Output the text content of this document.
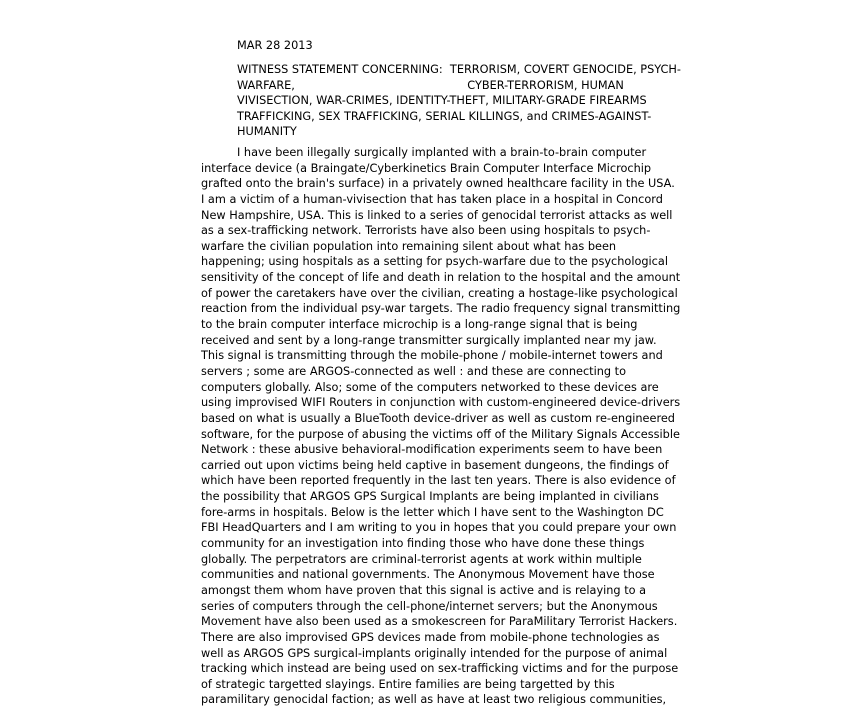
MAR 28 2013
WITNESS STATEMENT CONCERNING:  TERRORISM, COVERT GENOCIDE, PSYCH-
WARFARE,                                                CYBER-TERRORISM, HUMAN
VIVISECTION, WAR-CRIMES, IDENTITY-THEFT, MILITARY-GRADE FIREARMS
TRAFFICKING, SEX TRAFFICKING, SERIAL KILLINGS, and CRIMES-AGAINST-
HUMANITY
I have been illegally surgically implanted with a brain-to-brain computer
interface device (a Braingate/Cyberkinetics Brain Computer Interface Microchip
grafted onto the brain's surface) in a privately owned healthcare facility in the USA.
I am a victim of a human-vivisection that has taken place in a hospital in Concord
New Hampshire, USA. This is linked to a series of genocidal terrorist attacks as well
as a sex-trafficking network. Terrorists have also been using hospitals to psych-
warfare the civilian population into remaining silent about what has been
happening; using hospitals as a setting for psych-warfare due to the psychological
sensitivity of the concept of life and death in relation to the hospital and the amount
of power the caretakers have over the civilian, creating a hostage-like psychological
reaction from the individual psy-war targets. The radio frequency signal transmitting
to the brain computer interface microchip is a long-range signal that is being
received and sent by a long-range transmitter surgically implanted near my jaw.
This signal is transmitting through the mobile-phone / mobile-internet towers and
servers ; some are ARGOS-connected as well : and these are connecting to
computers globally. Also; some of the computers networked to these devices are
using improvised WIFI Routers in conjunction with custom-engineered device-drivers
based on what is usually a BlueTooth device-driver as well as custom re-engineered
software, for the purpose of abusing the victims off of the Military Signals Accessible
Network : these abusive behavioral-modification experiments seem to have been
carried out upon victims being held captive in basement dungeons, the findings of
which have been reported frequently in the last ten years. There is also evidence of
the possibility that ARGOS GPS Surgical Implants are being implanted in civilians
fore-arms in hospitals. Below is the letter which I have sent to the Washington DC
FBI HeadQuarters and I am writing to you in hopes that you could prepare your own
community for an investigation into finding those who have done these things
globally. The perpetrators are criminal-terrorist agents at work within multiple
communities and national governments. The Anonymous Movement have those
amongst them whom have proven that this signal is active and is relaying to a
series of computers through the cell-phone/internet servers; but the Anonymous
Movement have also been used as a smokescreen for ParaMilitary Terrorist Hackers.
There are also improvised GPS devices made from mobile-phone technologies as
well as ARGOS GPS surgical-implants originally intended for the purpose of animal
tracking which instead are being used on sex-trafficking victims and for the purpose
of strategic targetted slayings. Entire families are being targetted by this
paramilitary genocidal faction; as well as have at least two religious communities,
